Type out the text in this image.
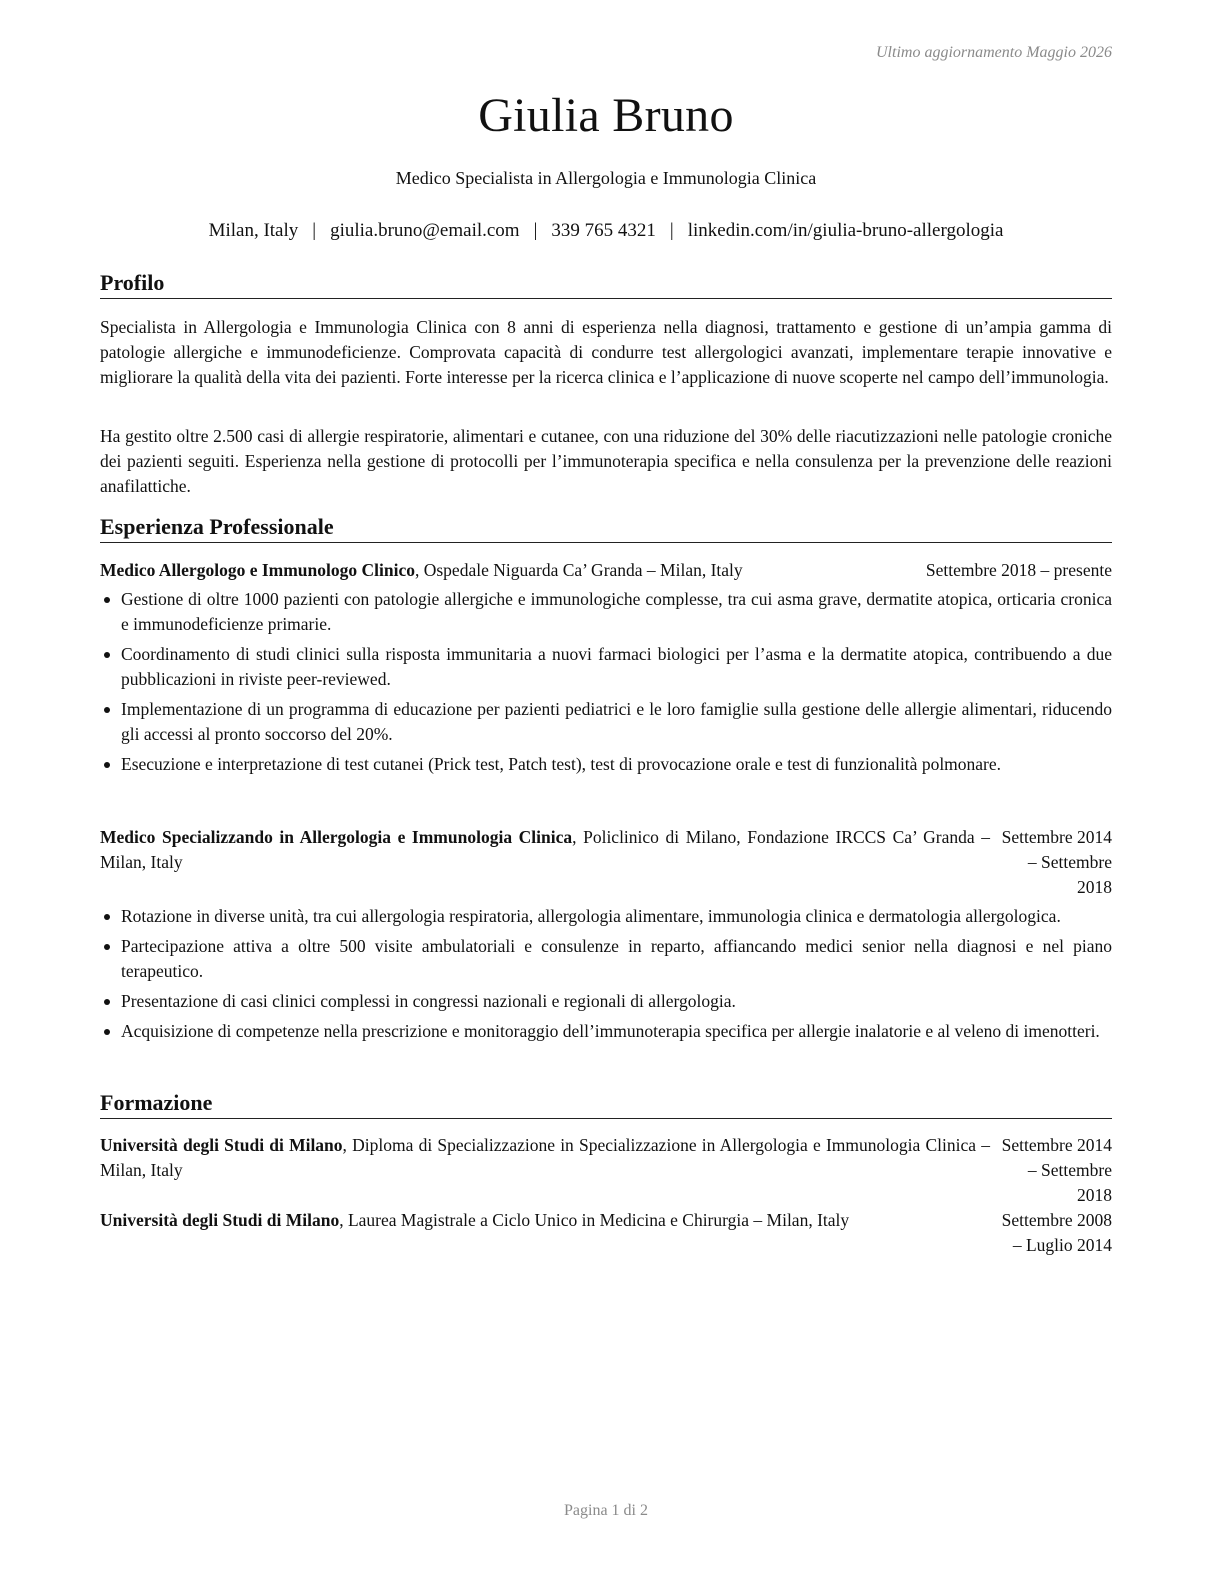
Ultimo aggiornamento Maggio 2026
Giulia Bruno
Medico Specialista in Allergologia e Immunologia Clinica
Milan, Italy | giulia.bruno@email.com | 339 765 4321 | linkedin.com/in/giulia-bruno-allergologia
Profilo
Specialista in Allergologia e Immunologia Clinica con 8 anni di esperienza nella diagnosi, trattamento e gestione di un’ampia gamma di patologie allergiche e immunodeficienze. Comprovata capacità di condurre test allergologici avanzati, implementare terapie innovative e migliorare la qualità della vita dei pazienti. Forte interesse per la ricerca clinica e l’applicazione di nuove scoperte nel campo dell’immunologia.
Ha gestito oltre 2.500 casi di allergie respiratorie, alimentari e cutanee, con una riduzione del 30% delle riacutizzazioni nelle patologie croniche dei pazienti seguiti. Esperienza nella gestione di protocolli per l’immunoterapia specifica e nella consulenza per la prevenzione delle reazioni anafilattiche.
Esperienza Professionale
Medico Allergologo e Immunologo Clinico, Ospedale Niguarda Ca’ Granda – Milan, Italy	Settembre 2018 – presente
Gestione di oltre 1000 pazienti con patologie allergiche e immunologiche complesse, tra cui asma grave, dermatite atopica, orticaria cronica e immunodeficienze primarie.
Coordinamento di studi clinici sulla risposta immunitaria a nuovi farmaci biologici per l’asma e la dermatite atopica, contribuendo a due pubblicazioni in riviste peer-reviewed.
Implementazione di un programma di educazione per pazienti pediatrici e le loro famiglie sulla gestione delle allergie alimentari, riducendo gli accessi al pronto soccorso del 20%.
Esecuzione e interpretazione di test cutanei (Prick test, Patch test), test di provocazione orale e test di funzionalità polmonare.
Medico Specializzando in Allergologia e Immunologia Clinica, Policlinico di Milano, Fondazione IRCCS Ca’ Granda – Milan, Italy
Settembre 2014 – Settembre 2018
Rotazione in diverse unità, tra cui allergologia respiratoria, allergologia alimentare, immunologia clinica e dermatologia allergologica.
Partecipazione attiva a oltre 500 visite ambulatoriali e consulenze in reparto, affiancando medici senior nella diagnosi e nel piano terapeutico.
Presentazione di casi clinici complessi in congressi nazionali e regionali di allergologia.
Acquisizione di competenze nella prescrizione e monitoraggio dell’immunoterapia specifica per allergie inalatorie e al veleno di imenotteri.
Formazione
Università degli Studi di Milano, Diploma di Specializzazione in Specializzazione in Allergologia e Immunologia Clinica – Milan, Italy
Settembre 2014 – Settembre 2018
Università degli Studi di Milano, Laurea Magistrale a Ciclo Unico in Medicina e Chirurgia – Milan, Italy	Settembre 2008 – Luglio 2014
Pagina 1 di 2
